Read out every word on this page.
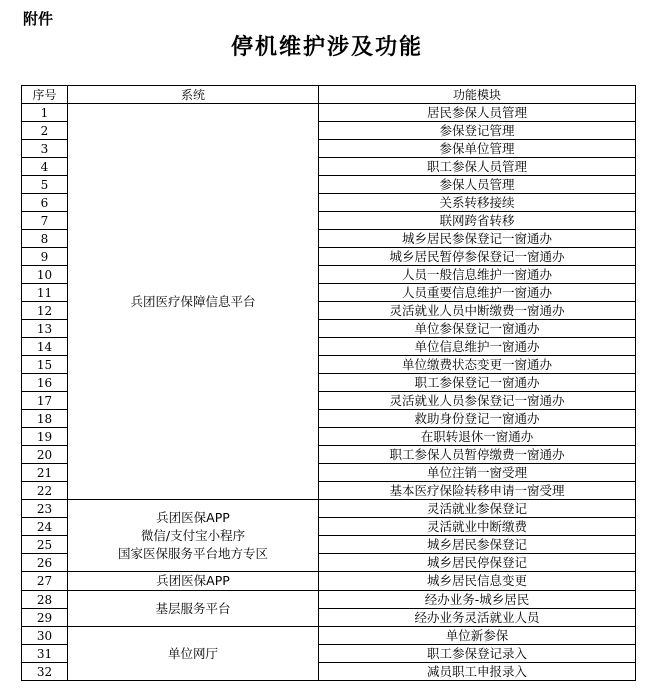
附件
停机维护涉及功能
序号	系统	功能模块
1	兵团医疗保障信息平台	居民参保人员管理
2		参保登记管理
3		参保单位管理
4		职工参保人员管理
5		参保人员管理
6		关系转移接续
7		联网跨省转移
8		城乡居民参保登记一窗通办
9		城乡居民暂停参保登记一窗通办
10		人员一般信息维护一窗通办
11		人员重要信息维护一窗通办
12		灵活就业人员中断缴费一窗通办
13		单位参保登记一窗通办
14		单位信息维护一窗通办
15		单位缴费状态变更一窗通办
16		职工参保登记一窗通办
17		灵活就业人员参保登记一窗通办
18		救助身份登记一窗通办
19		在职转退休一窗通办
20		职工参保人员暂停缴费一窗通办
21		单位注销一窗受理
22		基本医疗保险转移申请一窗受理
23	兵团医保APP
微信/支付宝小程序
国家医保服务平台地方专区	灵活就业参保登记
24		灵活就业中断缴费
25		城乡居民参保登记
26		城乡居民停保登记
27	兵团医保APP	城乡居民信息变更
28	基层服务平台	经办业务-城乡居民
29		经办业务灵活就业人员
30	单位网厅	单位新参保
31		职工参保登记录入
32		减员职工申报录入
